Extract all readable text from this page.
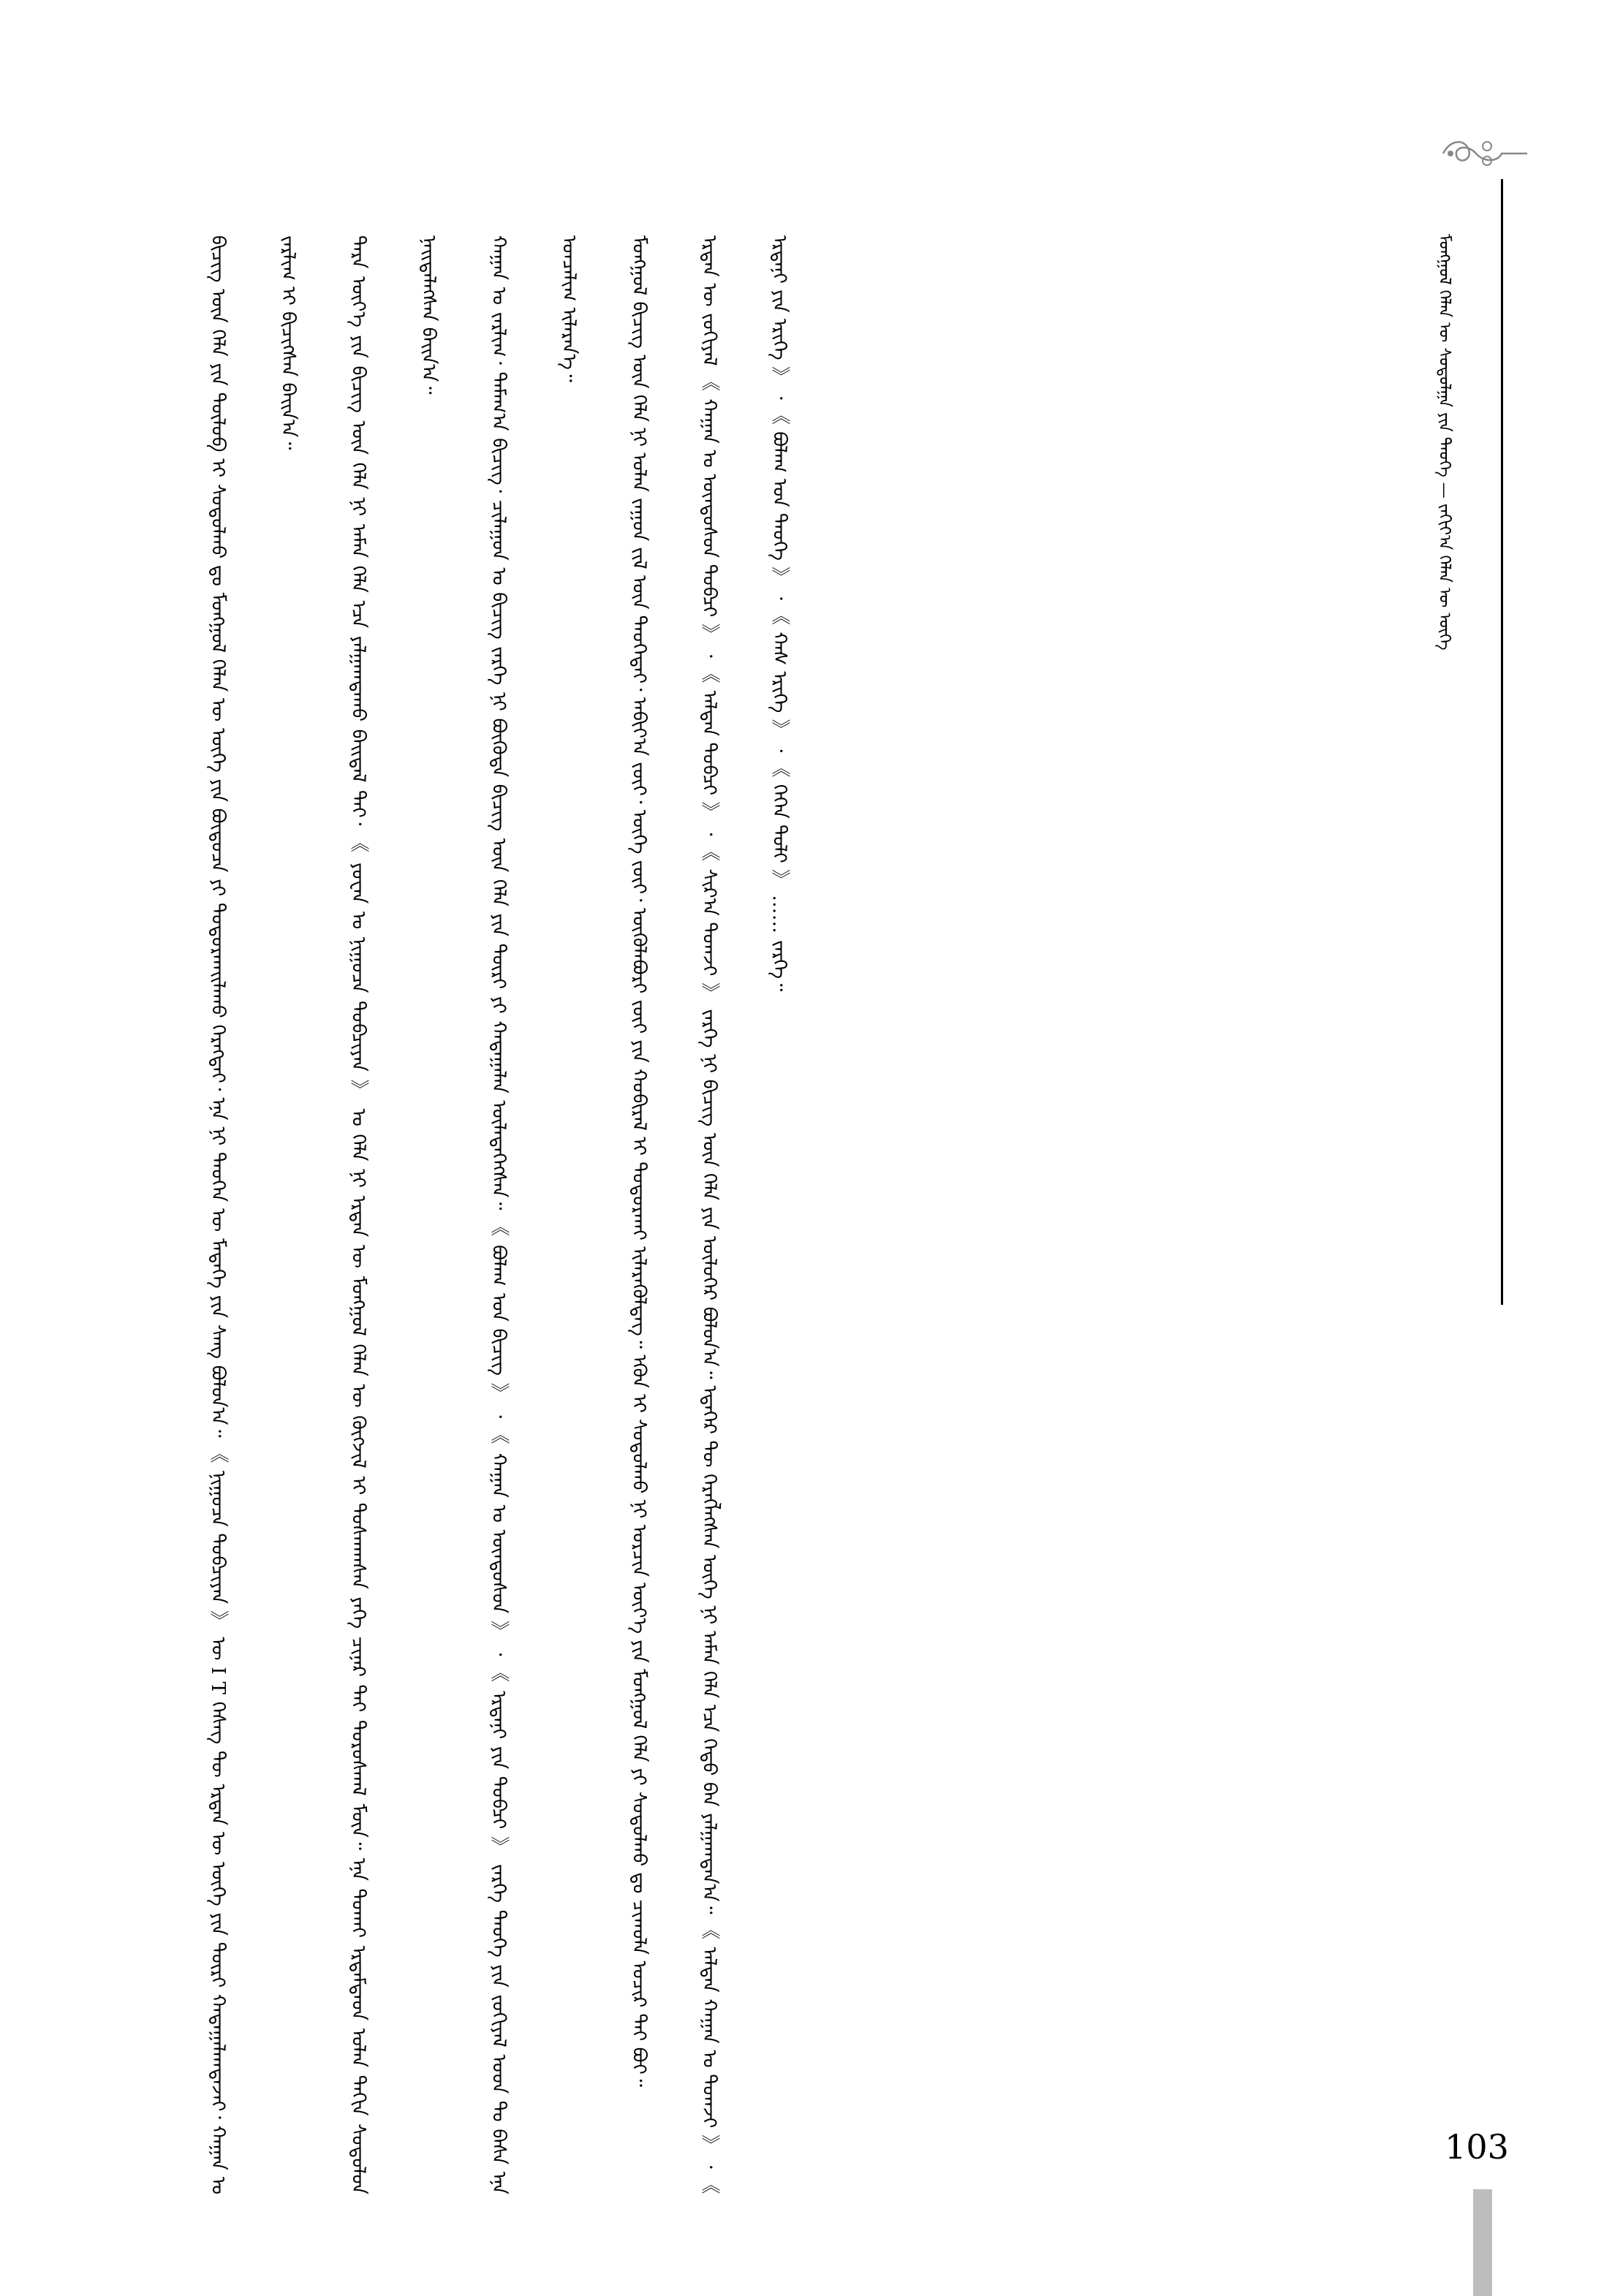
ᠮᠣᠩᠭᠣᠯ ᠬᠡᠯᠡᠨ ᠦ ᠰᠤᠳᠤᠯᠭᠠ ᠶᠢᠨ ᠲᠡᠦᠬᠡ — ᠵᠠᠬᠢᠶ᠎ᠠ ᠬᠡᠯᠡᠨ ᠦ ᠦᠭᠡ

ᠪᠢᠴᠢᠭ ᠦᠨ ᠬᠡᠯᠡ ᠶᠢᠨ ᠲᠥᠯᠦᠪ ᠢ ᠰᠤᠳᠤᠯᠬᠤ ᠳᠤ ᠮᠣᠩᠭᠣᠯ ᠬᠡᠯᠡᠨ ᠦ ᠦᠭᠡ ᠶᠢᠨ ᠪᠦᠲᠦᠴᠡ ᠶᠢ ᠲᠣᠳᠤᠷᠬᠠᠢᠯᠠᠬᠤ ᠬᠡᠷᠡᠭᠲᠡᠢ᠂ ᠡᠨᠡ ᠨᠢ ᠲᠡᠦᠬᠡᠨ ᠦ ᠮᠡᠳᠡᠭᠡ ᠶᠢᠨ ᠰᠠᠩ ᠪᠣᠯᠤᠨ᠎ᠠ᠃ 《 ᠨᠢᠭᠤᠴᠠ ᠲᠣᠪᠴᠢᠶᠠᠨ 》 ᠦ I T ᠬᠡᠰᠡᠭ ᠲᠦ ᠡᠷᠲᠡᠨ ᠦ ᠦᠭᠡ ᠶᠢᠨ ᠳᠦᠷᠢ ᠬᠠᠳᠠᠭᠠᠯᠠᠭᠳᠠᠵᠠᠢ᠂ ᠬᠠᠭᠠᠨ ᠤ ᠵᠠᠷᠯᠢᠭ ᠢ ᠪᠢᠴᠢᠭᠰᠡᠨ ᠪᠠᠢᠨ᠎ᠠ᠃	ᠲᠡᠷᠡ ᠦᠶ᠎ᠡ ᠶᠢᠨ ᠪᠢᠴᠢᠭ ᠦᠨ ᠬᠡᠯᠡ ᠨᠢ ᠠᠮᠠᠨ ᠬᠡᠯᠡ ᠡᠴᠡ ᠶᠠᠯᠭᠠᠭᠳᠠᠬᠤ ᠪᠠᠢᠳᠠᠯ ᠲᠠᠢ᠂ 《 ᠶᠤᠸᠠᠨ ᠤ ᠨᠢᠭᠤᠴᠠ ᠲᠣᠪᠴᠢᠶᠠᠨ 》 ᠤ ᠬᠡᠯᠡ ᠨᠢ ᠡᠷᠲᠡᠨ ᠦ ᠮᠣᠩᠭᠣᠯ ᠬᠡᠯᠡᠨ ᠦ ᠬᠥᠭᠵᠢᠯ ᠢ ᠲᠤᠰᠬᠠᠭᠰᠠᠨ ᠶᠡᠬᠡ ᠴᠢᠨᠠᠷ ᠲᠠᠢ ᠳᠤᠷᠤᠰᠬᠠᠯ ᠮᠥᠨ᠃ ᠡᠨᠡ ᠲᠤᠬᠠᠢ ᠡᠷᠳᠡᠮᠲᠡᠳ ᠤᠯᠠᠨ ᠳᠠᠬᠢᠨ ᠰᠤᠳᠤᠯᠤᠨ ᠨᠡᠢᠲᠡᠯᠡᠭᠰᠡᠨ ᠪᠠᠢᠨ᠎ᠠ᠃	ᠬᠠᠭᠠᠨ ᠤ ᠵᠠᠷᠯᠢᠭ᠂ ᠲᠠᠮᠠᠭ᠎ᠠ ᠪᠢᠴᠢᠭ᠂ ᠴᠢᠯᠠᠭᠤᠨ ᠤ ᠪᠢᠴᠢᠭ ᠵᠡᠷᠭᠡ ᠨᠢ ᠪᠦᠭᠦᠳᠡ ᠪᠢᠴᠢᠭ ᠦᠨ ᠬᠡᠯᠡ ᠶᠢᠨ ᠳᠦᠷᠢ ᠶᠢ ᠬᠠᠳᠠᠭᠠᠯᠠᠨ ᠦᠯᠡᠳᠡᠭᠡᠭᠰᠡᠨ᠃ 《 ᠪᠤᠯᠠᠭ ᠤᠨ ᠪᠢᠴᠢᠭ 》 ᠂ 《 ᠬᠠᠭᠠᠨ ᠤ ᠦᠨᠳᠦᠰᠦᠨ 》 ᠂ 《 ᠡᠷᠳᠡᠨᠢ ᠶᠢᠨ ᠲᠣᠪᠴᠢ 》 ᠵᠡᠷᠭᠡ ᠲᠡᠦᠬᠡ ᠶᠢᠨ ᠵᠣᠬᠢᠶᠠᠯ ᠤᠳ ᠲᠤ ᠪᠠᠰᠠ ᠡᠨᠡ ᠣᠨᠴᠠᠯᠢᠭ ᠢᠯᠡᠷᠡᠨ᠎ᠡ᠃	ᠮᠣᠩᠭᠣᠯ ᠪᠢᠴᠢᠭ ᠦᠨ ᠬᠡᠯᠡ ᠨᠢ ᠣᠯᠠᠨ ᠵᠠᠭᠤᠨ ᠵᠢᠯ ᠦᠨ ᠲᠡᠦᠬᠡᠲᠡᠢ᠂ ᠠᠪᠢᠶ᠎ᠠ ᠵᠦᠢ᠂ ᠦᠭᠡ ᠵᠦᠢ᠂ ᠦᠭᠦᠯᠡᠪᠦᠷᠢ ᠵᠦᠢ ᠶᠢᠨ ᠬᠤᠪᠢᠷᠠᠯ ᠢ ᠲᠤᠳᠤᠷᠬᠠᠢ ᠢᠯᠡᠷᠡᠭᠦᠯᠳᠡᠭ᠃ ᠡᠭᠦᠨ ᠢ ᠰᠤᠳᠤᠯᠬᠤ ᠨᠢ ᠣᠷᠴᠢᠨ ᠦᠶ᠎ᠡ ᠶᠢᠨ ᠮᠣᠩᠭᠣᠯ ᠬᠡᠯᠡ ᠶᠢ ᠰᠤᠳᠤᠯᠬᠤ ᠳᠤ ᠴᠢᠬᠤᠯᠠ ᠤᠴᠢᠷ ᠲᠠᠢ ᠪᠤᠢ᠃	ᠡᠷᠲᠡᠨ ᠦ ᠵᠣᠬᠢᠶᠠᠯ 《 ᠬᠠᠭᠠᠨ ᠤ ᠦᠨᠳᠦᠰᠦᠨ ᠲᠣᠪᠴᠢ 》 ᠂ 《 ᠠᠯᠲᠠᠨ ᠲᠣᠪᠴᠢ 》 ᠂ 《 ᠰᠢᠷ᠎ᠠ ᠲᠤᠭᠵᠢ 》 ᠵᠡᠷᠭᠡ ᠨᠢ ᠪᠢᠴᠢᠭ ᠦᠨ ᠬᠡᠯᠡ ᠶᠢᠨ ᠦᠯᠦᠭᠡᠷ ᠪᠤᠯᠤᠨ᠎ᠠ᠃ ᠡᠳᠡᠭᠡᠷ ᠲᠦ ᠬᠡᠷᠡᠭᠯᠡᠭᠰᠡᠨ ᠦᠭᠡ ᠨᠢ ᠠᠮᠠᠨ ᠬᠡᠯᠡ ᠡᠴᠡ ᠬᠡᠳᠦ ᠪᠡᠨ ᠶᠠᠯᠭᠠᠭᠳᠠᠨ᠎ᠠ᠃ 《 ᠠᠯᠲᠠᠨ ᠬᠠᠭᠠᠨ ᠤ ᠲᠤᠭᠵᠢ 》 ᠂ 《 ᠡᠷᠳᠡᠨᠢ ᠶᠢᠨ ᠡᠷᠢᠬᠡ 》 ᠂ 《 ᠪᠤᠯᠠᠭ ᠤᠨ ᠲᠡᠦᠬᠡ 》 ᠂ 《 ᠬᠠᠰ ᠡᠷᠢᠬᠡ 》 ᠂ 《 ᠭᠡᠭᠡᠨ ᠲᠣᠯᠢ 》 …… ᠵᠡᠷᠭᠡ᠃

103
